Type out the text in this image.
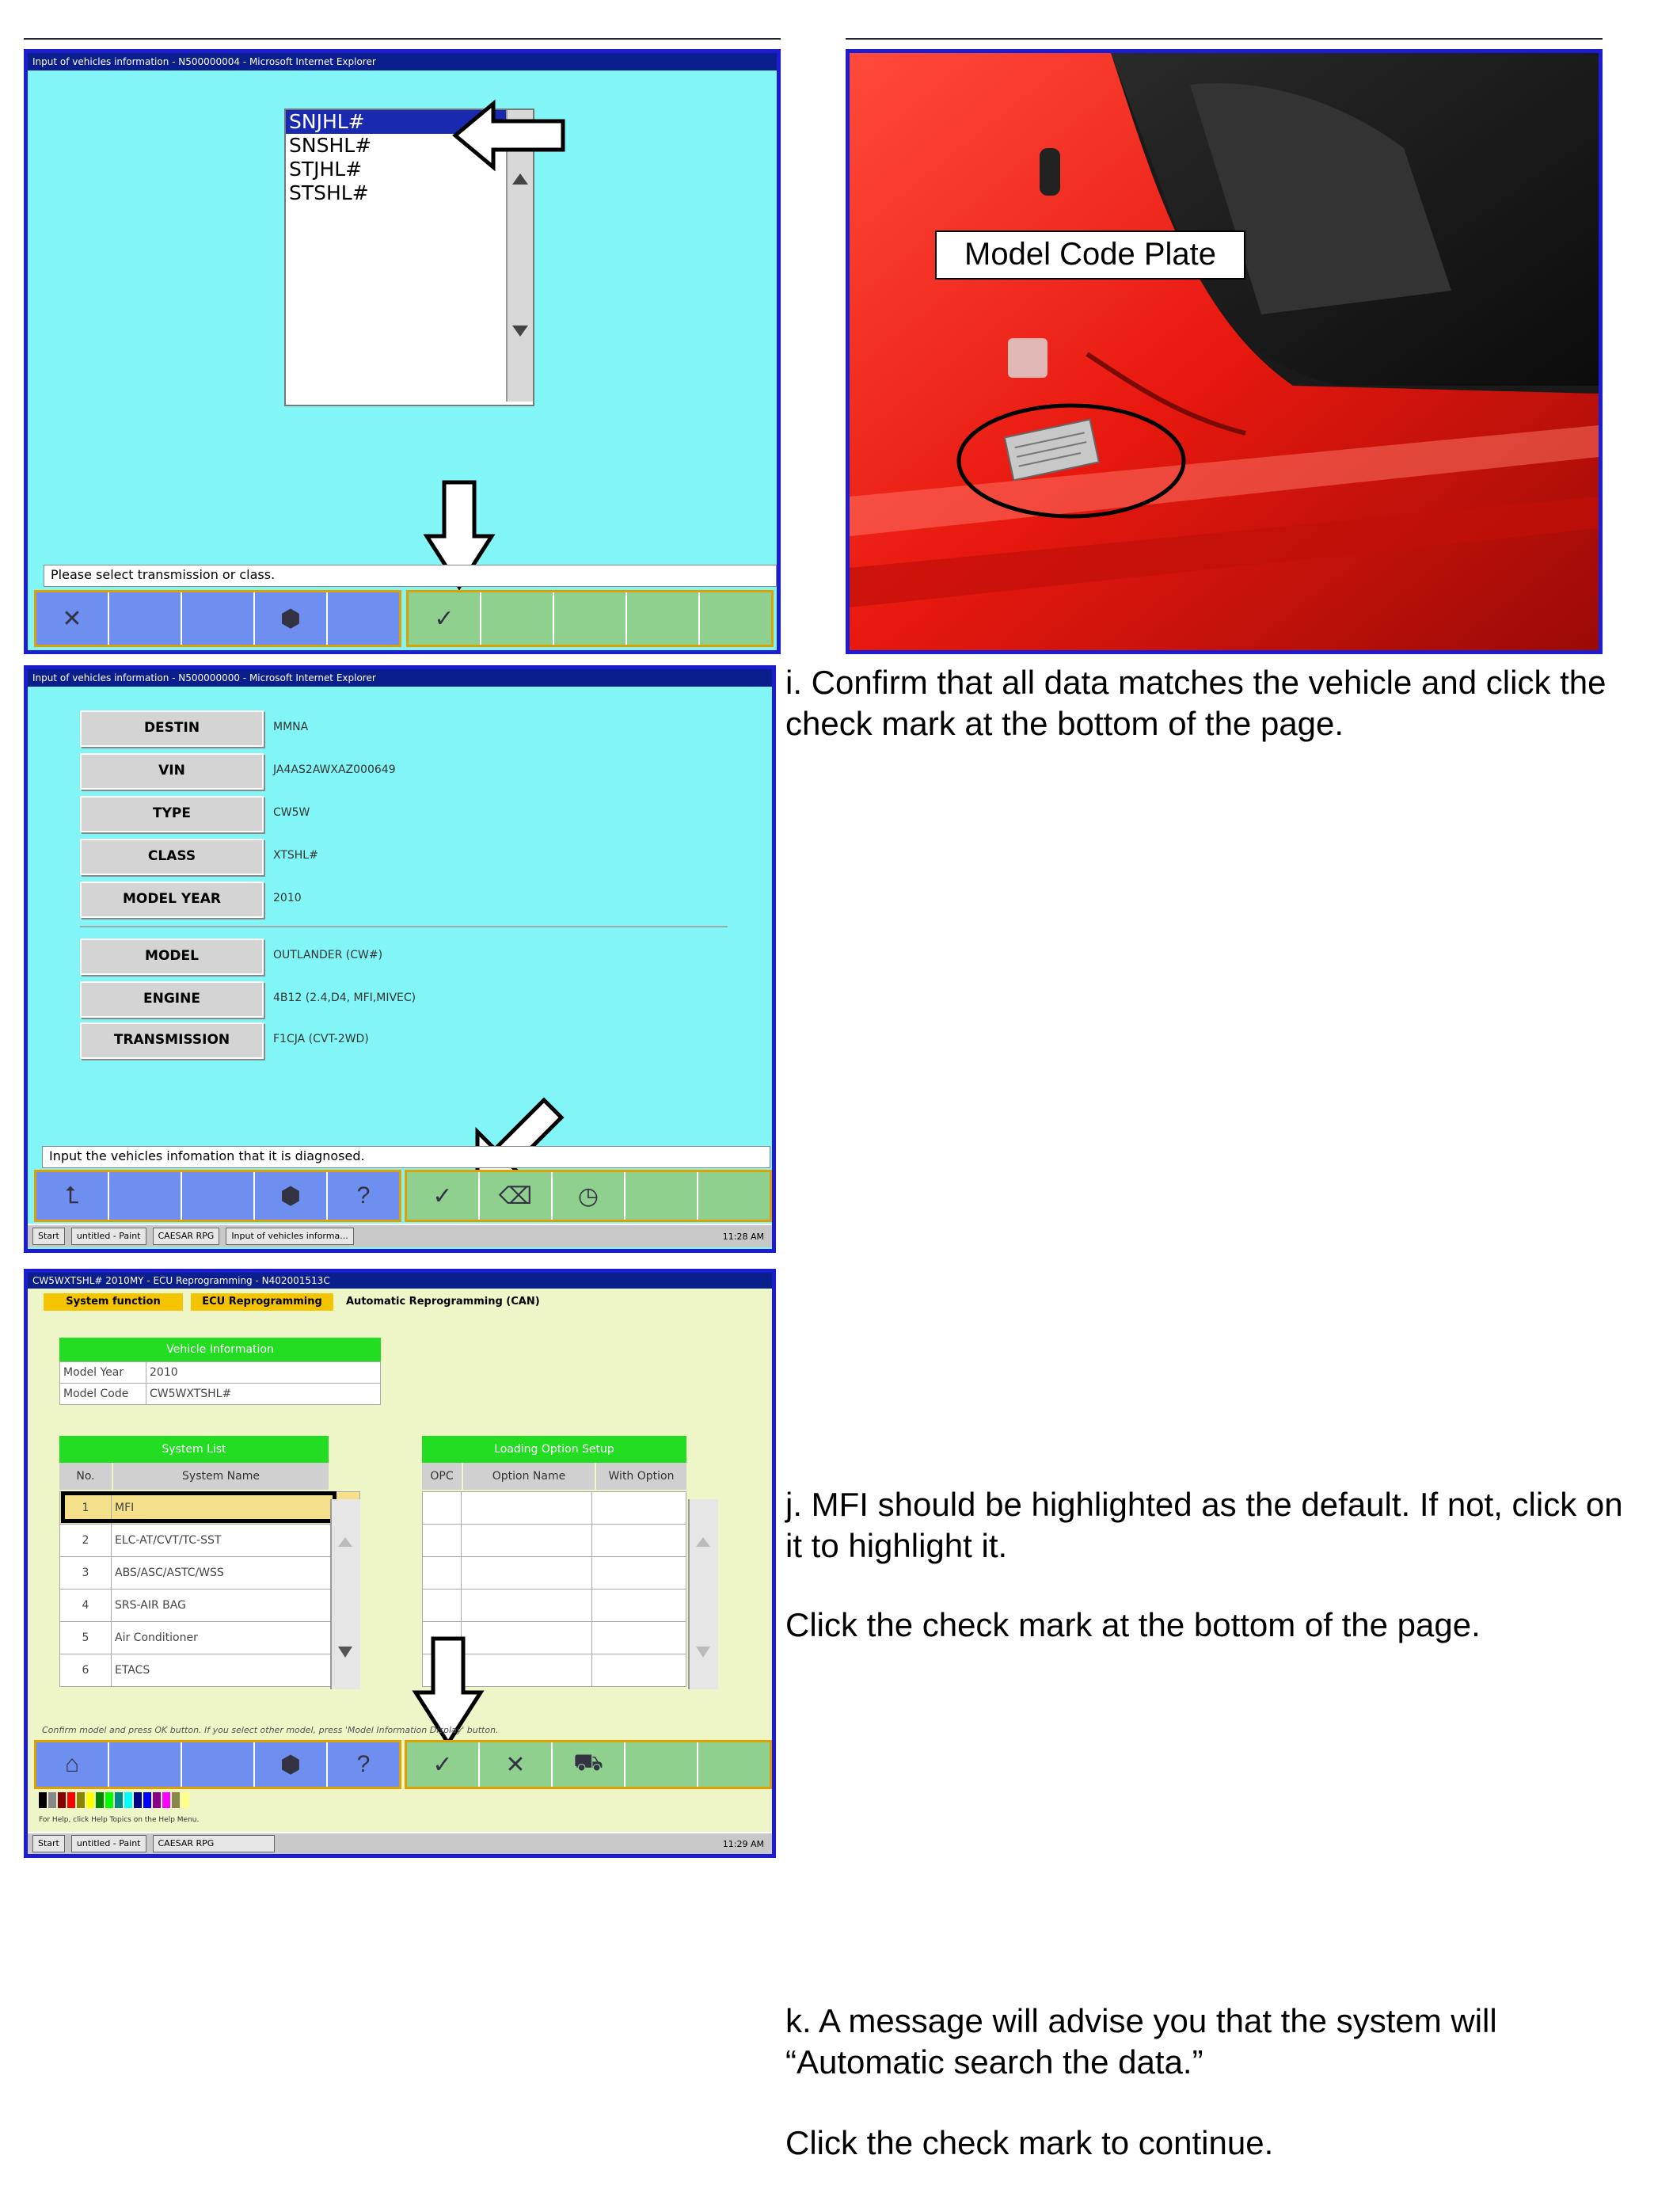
Input of vehicles information - N500000004 - Microsoft Internet Explorer
SNJHL#
SNSHL#
STJHL#
STSHL#
Please select transmission or class.
✕	⬢	✓
Model Code Plate
Input of vehicles information - N500000000 - Microsoft Internet Explorer
DESTIN	MMNA
VIN	JA4AS2AWXAZ000649
TYPE	CW5W
CLASS	XTSHL#
MODEL YEAR	2010
MODEL	OUTLANDER (CW#)
ENGINE	4B12 (2.4,D4, MFI,MIVEC)
TRANSMISSION	F1CJA (CVT-2WD)
Input the vehicles infomation that it is diagnosed.
⮤	⬢	?	✓	⌫	◷
Start	untitled - Paint	CAESAR RPG	Input of vehicles informa...	11:28 AM
i. Confirm that all data matches the vehicle and click the check mark at the bottom of the page.
CW5WXTSHL# 2010MY - ECU Reprogramming - N402001513C
System function	ECU Reprogramming	Automatic Reprogramming (CAN)
Vehicle Information
Model Year	2010
Model Code	CW5WXTSHL#
System List
No.	System Name
1	MFI
2	ELC-AT/CVT/TC-SST
3	ABS/ASC/ASTC/WSS
4	SRS-AIR BAG
5	Air Conditioner
6	ETACS
Loading Option Setup
OPC	Option Name	With Option

Confirm model and press OK button. If you select other model, press 'Model Information Display' button.
⌂	⬢	?	✓	✕	⛟
For Help, click Help Topics on the Help Menu.
Start	untitled - Paint	CAESAR RPG	11:29 AM
j. MFI should be highlighted as the default. If not, click on it to highlight it.
Click the check mark at the bottom of the page.
k. A message will advise you that the system will “Automatic search the data.”
Click the check mark to continue.
